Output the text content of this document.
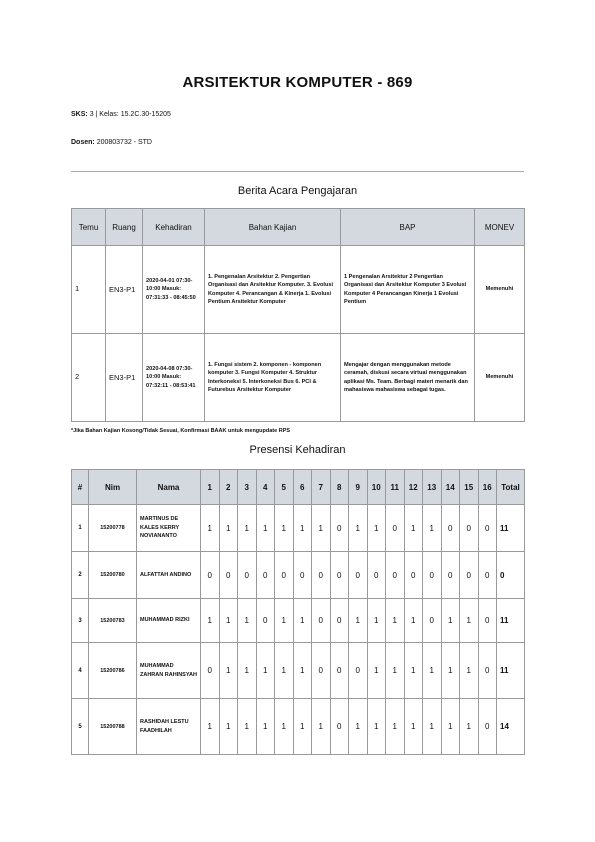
ARSITEKTUR KOMPUTER - 869
SKS: 3 | Kelas: 15.2C.30-15205
Dosen: 200803732 - STD
Berita Acara Pengajaran
Temu	Ruang	Kehadiran	Bahan Kajian	BAP	MONEV
1	EN3-P1	2020-04-01 07:30-10:00 Masuk: 07:31:33 - 08:45:50	1. Pengenalan Arsitektur 2. Pengertian Organisasi dan Arsitektur Komputer. 3. Evolusi Komputer 4. Perancangan & Kinerja 1. Evolusi Pentium Arsitektur Komputer	1 Pengenalan Arsitektur 2 Pengertian Organisasi dan Arsitektur Komputer 3 Evolusi Komputer 4 Perancangan Kinerja 1 Evolusi Pentium	Memenuhi
2	EN3-P1	2020-04-08 07:30-10:00 Masuk: 07:32:11 - 08:53:41	1. Fungsi sistem 2. komponen - komponen komputer 3. Fungsi Komputer 4. Struktur Interkoneksi 5. Interkoneksi Bus 6. PCI & Futurebus Arsitektur Komputer	Mengajar dengan menggunakan metode ceramah, diskusi secara virtual menggunakan aplikasi Ms. Team. Berbagi materi menarik dan mahasiswa mahasiswa sebagai tugas.	Memenuhi
*Jika Bahan Kajian Kosong/Tidak Sesuai, Konfirmasi BAAK untuk mengupdate RPS
Presensi Kehadiran
#	Nim	Nama	1	2	3	4	5	6	7	8	9	10	11	12	13	14	15	16	Total
1	15200778	MARTINUS DE KALES KERRY NOVIANANTO	1	1	1	1	1	1	1	0	1	1	0	1	1	0	0	0	11
2	15200780	ALFATTAH ANDINO	0	0	0	0	0	0	0	0	0	0	0	0	0	0	0	0	0
3	15200783	MUHAMMAD RIZKI	1	1	1	0	1	1	0	0	1	1	1	1	0	1	1	0	11
4	15200786	MUHAMMAD ZAHRAN RAHINSYAH	0	1	1	1	1	1	0	0	0	1	1	1	1	1	1	0	11
5	15200788	RASHIDAH LESTU FAADHILAH	1	1	1	1	1	1	1	0	1	1	1	1	1	1	1	0	14
